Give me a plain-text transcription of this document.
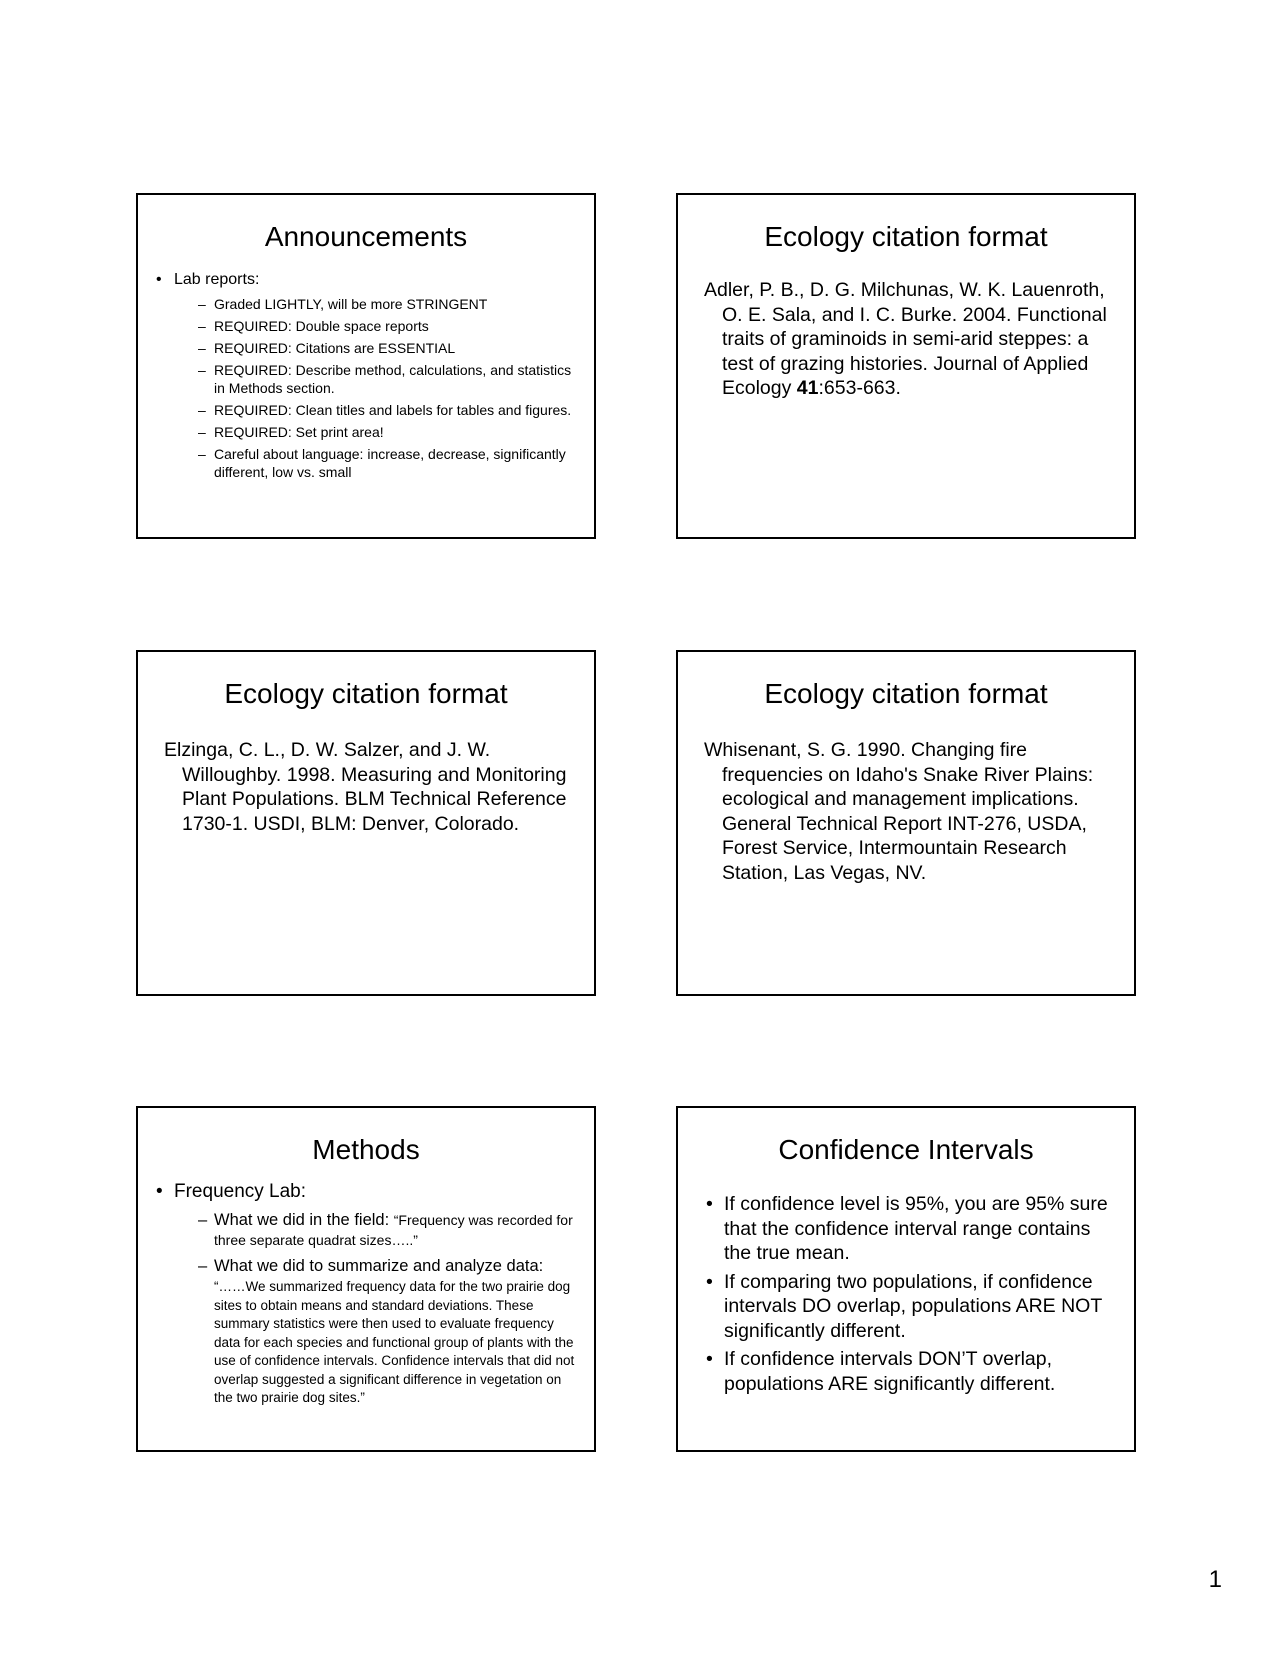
Announcements
• Lab reports:
– Graded LIGHTLY, will be more STRINGENT
– REQUIRED: Double space reports
– REQUIRED: Citations are ESSENTIAL
– REQUIRED: Describe method, calculations, and statistics in Methods section.
– REQUIRED: Clean titles and labels for tables and figures.
– REQUIRED: Set print area!
– Careful about language: increase, decrease, significantly different, low vs. small
Ecology citation format

Adler, P. B., D. G. Milchunas, W. K. Lauenroth, O. E. Sala, and I. C. Burke. 2004. Functional traits of graminoids in semi-arid steppes: a test of grazing histories. Journal of Applied Ecology 41:653-663.

Ecology citation format

Elzinga, C. L., D. W. Salzer, and J. W. Willoughby. 1998. Measuring and Monitoring Plant Populations. BLM Technical Reference 1730-1. USDI, BLM: Denver, Colorado.

Ecology citation format

Whisenant, S. G. 1990. Changing fire frequencies on Idaho's Snake River Plains: ecological and management implications. General Technical Report INT-276, USDA, Forest Service, Intermountain Research Station, Las Vegas, NV.

Methods
• Frequency Lab:
– What we did in the field: “Frequency was recorded for three separate quadrat sizes…..”
– What we did to summarize and analyze data:
“……We summarized frequency data for the two prairie dog sites to obtain means and standard deviations. These summary statistics were then used to evaluate frequency data for each species and functional group of plants with the use of confidence intervals. Confidence intervals that did not overlap suggested a significant difference in vegetation on the two prairie dog sites.”
Confidence Intervals
• If confidence level is 95%, you are 95% sure that the confidence interval range contains the true mean.
• If comparing two populations, if confidence intervals DO overlap, populations ARE NOT significantly different.
• If confidence intervals DON’T overlap, populations ARE significantly different.
1
